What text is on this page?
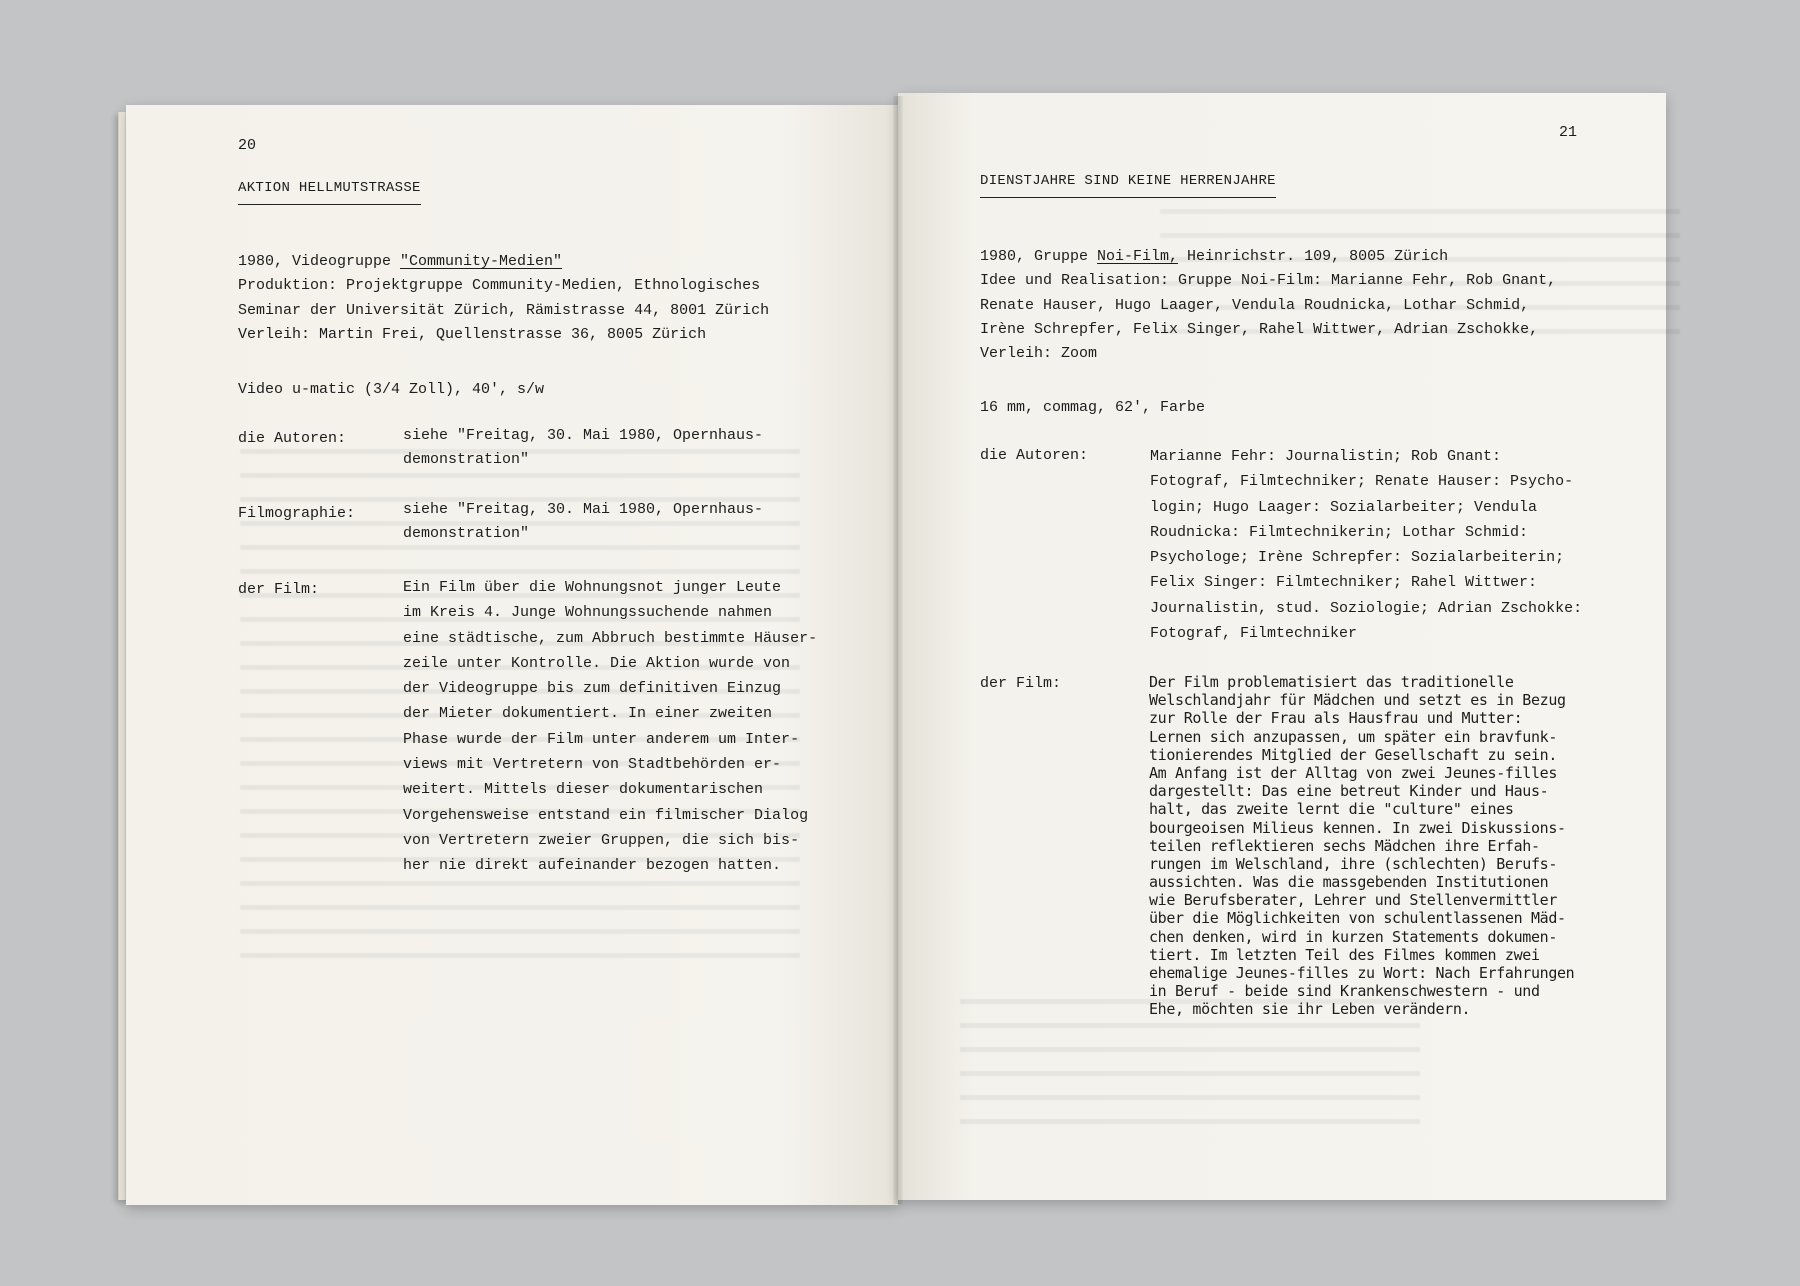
20
AKTION HELLMUTSTRASSE
1980, Videogruppe "Community-Medien"
Produktion: Projektgruppe Community-Medien, Ethnologisches
Seminar der Universität Zürich, Rämistrasse 44, 8001 Zürich
Verleih: Martin Frei, Quellenstrasse 36, 8005 Zürich
Video u-matic (3/4 Zoll), 40', s/w
die Autoren:	siehe "Freitag, 30. Mai 1980, Opernhaus-
demonstration"
Filmographie:	siehe "Freitag, 30. Mai 1980, Opernhaus-
demonstration"
der Film:	Ein Film über die Wohnungsnot junger Leute
im Kreis 4. Junge Wohnungssuchende nahmen
eine städtische, zum Abbruch bestimmte Häuser-
zeile unter Kontrolle. Die Aktion wurde von
der Videogruppe bis zum definitiven Einzug
der Mieter dokumentiert. In einer zweiten
Phase wurde der Film unter anderem um Inter-
views mit Vertretern von Stadtbehörden er-
weitert. Mittels dieser dokumentarischen
Vorgehensweise entstand ein filmischer Dialog
von Vertretern zweier Gruppen, die sich bis-
her nie direkt aufeinander bezogen hatten.
21
DIENSTJAHRE SIND KEINE HERRENJAHRE
1980, Gruppe Noi-Film, Heinrichstr. 109, 8005 Zürich
Idee und Realisation: Gruppe Noi-Film: Marianne Fehr, Rob Gnant,
Renate Hauser, Hugo Laager, Vendula Roudnicka, Lothar Schmid,
Irène Schrepfer, Felix Singer, Rahel Wittwer, Adrian Zschokke,
Verleih: Zoom
16 mm, commag, 62', Farbe
die Autoren:	Marianne Fehr: Journalistin; Rob Gnant:
Fotograf, Filmtechniker; Renate Hauser: Psycho-
login; Hugo Laager: Sozialarbeiter; Vendula
Roudnicka: Filmtechnikerin; Lothar Schmid:
Psychologe; Irène Schrepfer: Sozialarbeiterin;
Felix Singer: Filmtechniker; Rahel Wittwer:
Journalistin, stud. Soziologie; Adrian Zschokke:
Fotograf, Filmtechniker
der Film:	Der Film problematisiert das traditionelle
Welschlandjahr für Mädchen und setzt es in Bezug
zur Rolle der Frau als Hausfrau und Mutter:
Lernen sich anzupassen, um später ein bravfunk-
tionierendes Mitglied der Gesellschaft zu sein.
Am Anfang ist der Alltag von zwei Jeunes-filles
dargestellt: Das eine betreut Kinder und Haus-
halt, das zweite lernt die "culture" eines
bourgeoisen Milieus kennen. In zwei Diskussions-
teilen reflektieren sechs Mädchen ihre Erfah-
rungen im Welschland, ihre (schlechten) Berufs-
aussichten. Was die massgebenden Institutionen
wie Berufsberater, Lehrer und Stellenvermittler
über die Möglichkeiten von schulentlassenen Mäd-
chen denken, wird in kurzen Statements dokumen-
tiert. Im letzten Teil des Filmes kommen zwei
ehemalige Jeunes-filles zu Wort: Nach Erfahrungen
in Beruf - beide sind Krankenschwestern - und
Ehe, möchten sie ihr Leben verändern.
